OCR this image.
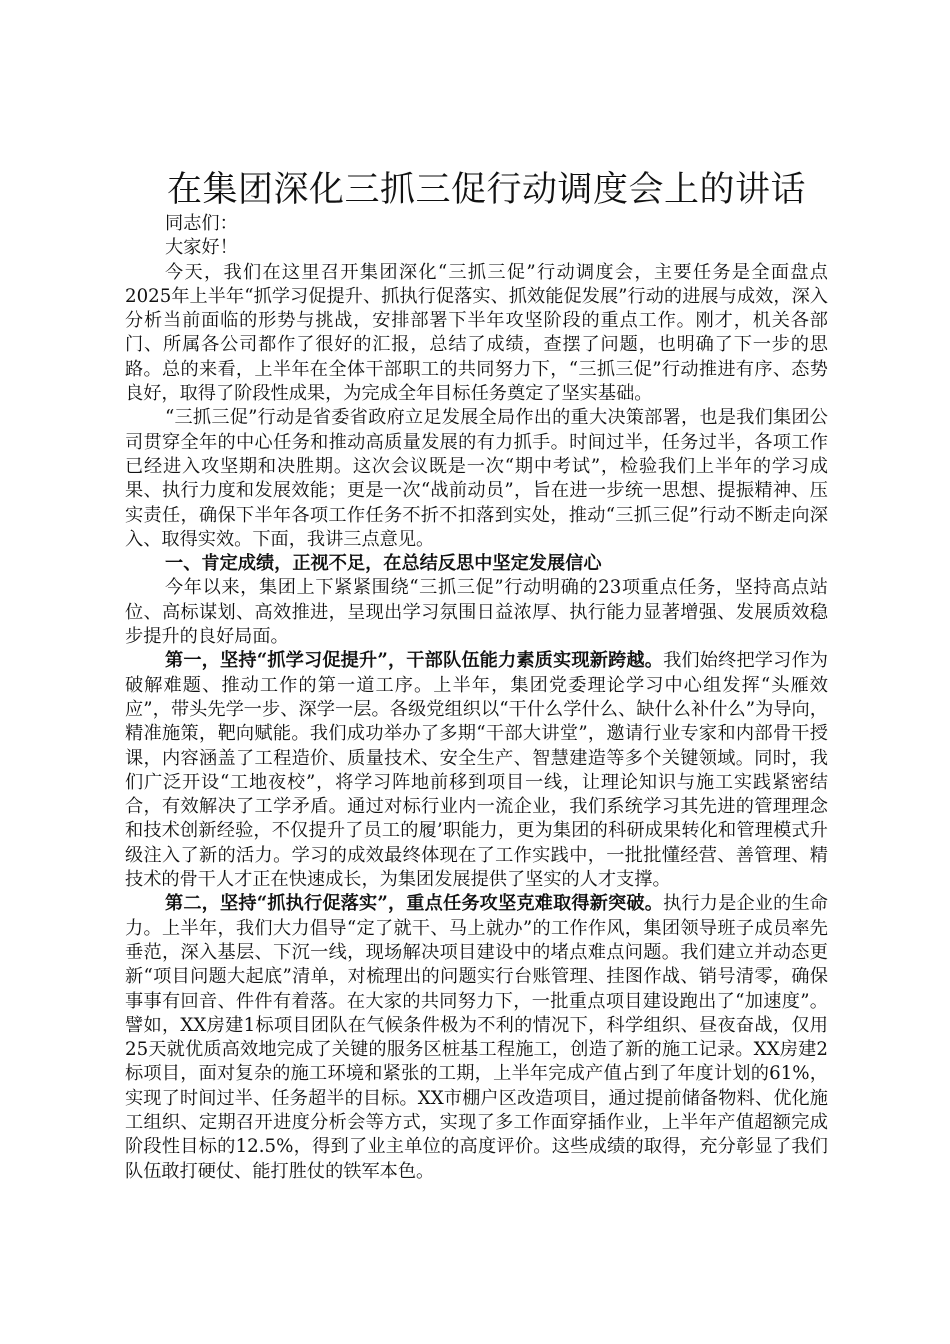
在集团深化三抓三促行动调度会上的讲话

同志们：

大家好！

今天，我们在这里召开集团深化“三抓三促”行动调度会，主要任务是全面盘点2025年上半年“抓学习促提升、抓执行促落实、抓效能促发展”行动的进展与成效，深入分析当前面临的形势与挑战，安排部署下半年攻坚阶段的重点工作。刚才，机关各部门、所属各公司都作了很好的汇报，总结了成绩，查摆了问题，也明确了下一步的思路。总的来看，上半年在全体干部职工的共同努力下，“三抓三促”行动推进有序、态势良好，取得了阶段性成果，为完成全年目标任务奠定了坚实基础。

“三抓三促”行动是省委省政府立足发展全局作出的重大决策部署，也是我们集团公司贯穿全年的中心任务和推动高质量发展的有力抓手。时间过半，任务过半，各项工作已经进入攻坚期和决胜期。这次会议既是一次“期中考试”，检验我们上半年的学习成果、执行力度和发展效能；更是一次“战前动员”，旨在进一步统一思想、提振精神、压实责任，确保下半年各项工作任务不折不扣落到实处，推动“三抓三促”行动不断走向深入、取得实效。下面，我讲三点意见。

一、肯定成绩，正视不足，在总结反思中坚定发展信心

今年以来，集团上下紧紧围绕“三抓三促”行动明确的23项重点任务，坚持高点站位、高标谋划、高效推进，呈现出学习氛围日益浓厚、执行能力显著增强、发展质效稳步提升的良好局面。

第一，坚持“抓学习促提升”，干部队伍能力素质实现新跨越。我们始终把学习作为破解难题、推动工作的第一道工序。上半年，集团党委理论学习中心组发挥“头雁效应”，带头先学一步、深学一层。各级党组织以“干什么学什么、缺什么补什么”为导向，精准施策，靶向赋能。我们成功举办了多期“干部大讲堂”，邀请行业专家和内部骨干授课，内容涵盖了工程造价、质量技术、安全生产、智慧建造等多个关键领域。同时，我们广泛开设“工地夜校”，将学习阵地前移到项目一线，让理论知识与施工实践紧密结合，有效解决了工学矛盾。通过对标行业内一流企业，我们系统学习其先进的管理理念和技术创新经验，不仅提升了员工的履’职能力，更为集团的科研成果转化和管理模式升级注入了新的活力。学习的成效最终体现在了工作实践中，一批批懂经营、善管理、精技术的骨干人才正在快速成长，为集团发展提供了坚实的人才支撑。

第二，坚持“抓执行促落实”，重点任务攻坚克难取得新突破。执行力是企业的生命力。上半年，我们大力倡导“定了就干、马上就办”的工作作风，集团领导班子成员率先垂范，深入基层、下沉一线，现场解决项目建设中的堵点难点问题。我们建立并动态更新“项目问题大起底”清单，对梳理出的问题实行台账管理、挂图作战、销号清零，确保事事有回音、件件有着落。在大家的共同努力下，一批重点项目建设跑出了“加速度”。譬如，XX房建1标项目团队在气候条件极为不利的情况下，科学组织、昼夜奋战，仅用25天就优质高效地完成了关键的服务区桩基工程施工，创造了新的施工记录。XX房建2标项目，面对复杂的施工环境和紧张的工期，上半年完成产值占到了年度计划的61%，实现了时间过半、任务超半的目标。XX市棚户区改造项目，通过提前储备物料、优化施工组织、定期召开进度分析会等方式，实现了多工作面穿插作业，上半年产值超额完成阶段性目标的12.5%，得到了业主单位的高度评价。这些成绩的取得，充分彰显了我们队伍敢打硬仗、能打胜仗的铁军本色。
